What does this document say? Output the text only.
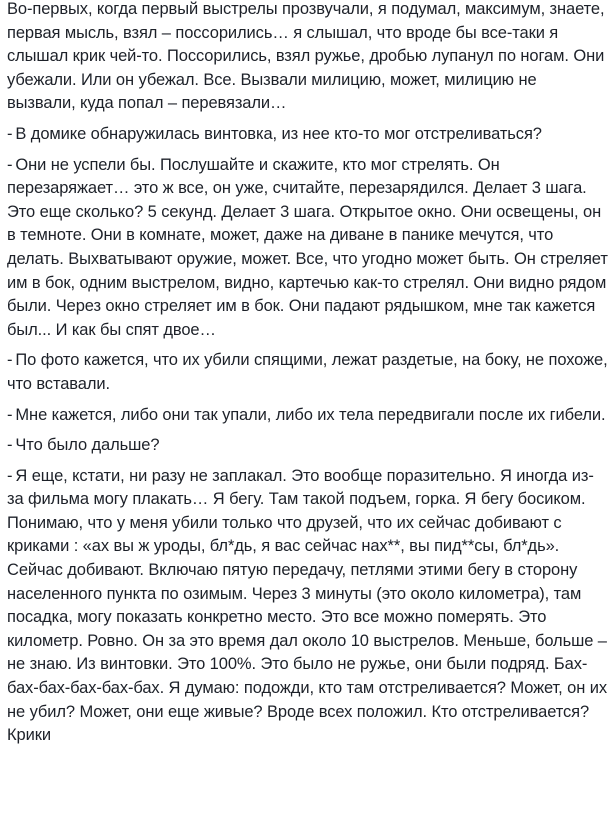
Во-первых, когда первый выстрелы прозвучали, я подумал, максимум, знаете, первая мысль, взял – поссорились… я слышал, что вроде бы все-таки я слышал крик чей-то. Поссорились, взял ружье, дробью лупанул по ногам. Они убежали. Или он убежал. Все. Вызвали милицию, может, милицию не вызвали, куда попал – перевязали…

- В домике обнаружилась винтовка, из нее кто-то мог отстреливаться?

- Они не успели бы. Послушайте и скажите, кто мог стрелять. Он перезаряжает… это ж все, он уже, считайте, перезарядился. Делает 3 шага. Это еще сколько? 5 секунд. Делает 3 шага. Открытое окно. Они освещены, он в темноте. Они в комнате, может, даже на диване в панике мечутся, что делать. Выхватывают оружие, может. Все, что угодно может быть. Он стреляет им в бок, одним выстрелом, видно, картечью как-то стрелял. Они видно рядом были. Через окно стреляет им в бок. Они падают рядышком, мне так кажется был... И как бы спят двое…

- По фото кажется, что их убили спящими, лежат раздетые, на боку, не похоже, что вставали.

- Мне кажется, либо они так упали, либо их тела передвигали после их гибели.

- Что было дальше?

- Я еще, кстати, ни разу не заплакал. Это вообще поразительно. Я иногда из-за фильма могу плакать… Я бегу. Там такой подъем, горка. Я бегу босиком. Понимаю, что у меня убили только что друзей, что их сейчас добивают с криками : «ах вы ж уроды, бл*дь, я вас сейчас нах**, вы пид**сы, бл*дь». Сейчас добивают. Включаю пятую передачу, петлями этими бегу в сторону населенного пункта по озимым. Через 3 минуты (это около километра), там посадка, могу показать конкретно место. Это все можно померять. Это километр. Ровно. Он за это время дал около 10 выстрелов. Меньше, больше – не знаю. Из винтовки. Это 100%. Это было не ружье, они были подряд. Бах-бах-бах-бах-бах-бах. Я думаю: подожди, кто там отстреливается? Может, он их не убил? Может, они еще живые? Вроде всех положил. Кто отстреливается? Крики
